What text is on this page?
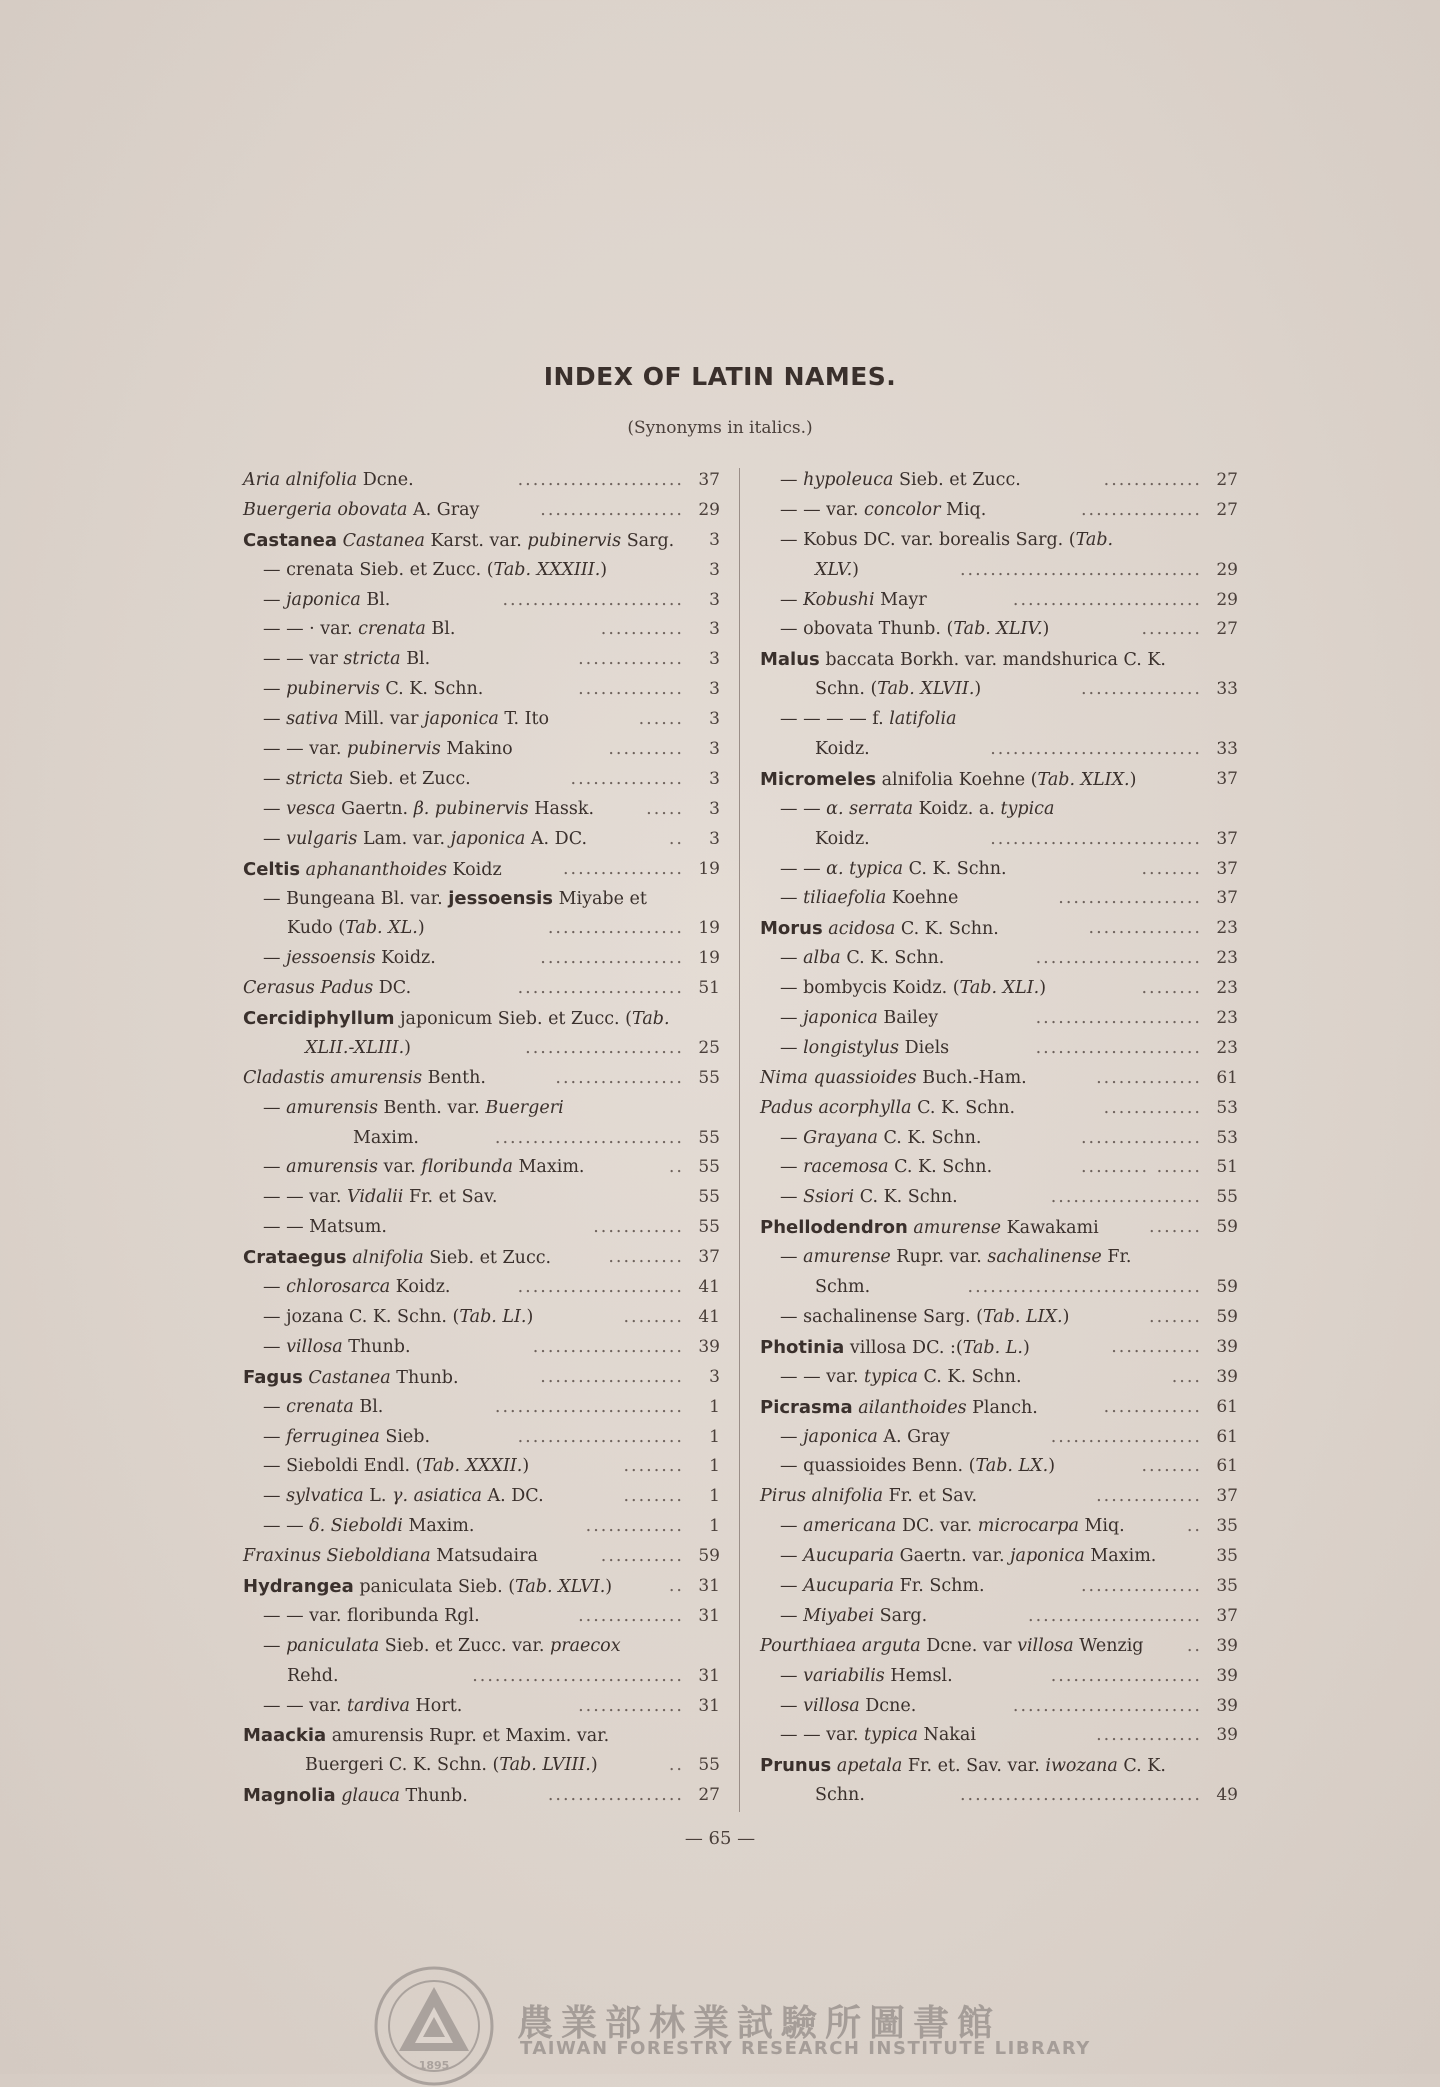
INDEX OF LATIN NAMES.
(Synonyms in italics.)
Aria alnifolia Dcne.	...................... 37
Buergeria obovata A. Gray	................... 29
Castanea Castanea Karst. var. pubinervis Sarg. 3
— crenata Sieb. et Zucc. (Tab. XXXIII.)	3
— japonica Bl.	........................ 3
— — · var. crenata Bl.	........... 3
— — var stricta Bl.	.............. 3
— pubinervis C. K. Schn.	.............. 3
— sativa Mill. var japonica T. Ito	...... 3
— — var. pubinervis Makino	.......... 3
— stricta Sieb. et Zucc.	............... 3
— vesca Gaertn. β. pubinervis Hassk.	..... 3
— vulgaris Lam. var. japonica A. DC.	.. 3
Celtis aphananthoides Koidz	................ 19
— Bungeana Bl. var. jessoensis Miyabe et
Kudo (Tab. XL.)	.................. 19
— jessoensis Koidz.	................... 19
Cerasus Padus DC.	...................... 51
Cercidiphyllum japonicum Sieb. et Zucc. (Tab.
XLII.-XLIII.)	..................... 25
Cladastis amurensis Benth.	................. 55
— amurensis Benth. var. Buergeri
Maxim.	......................... 55
— amurensis var. floribunda Maxim.	.. 55
— — var. Vidalii Fr. et Sav.	55
— — Matsum.	............ 55
Crataegus alnifolia Sieb. et Zucc.	.......... 37
— chlorosarca Koidz.	...................... 41
— jozana C. K. Schn. (Tab. LI.)	........ 41
— villosa Thunb.	.................... 39
Fagus Castanea Thunb.	................... 3
— crenata Bl.	......................... 1
— ferruginea Sieb.	...................... 1
— Sieboldi Endl. (Tab. XXXII.)	........ 1
— sylvatica L. γ. asiatica A. DC.	........ 1
— — δ. Sieboldi Maxim.	............. 1
Fraxinus Sieboldiana Matsudaira	........... 59
Hydrangea paniculata Sieb. (Tab. XLVI.)	.. 31
— — var. floribunda Rgl.	.............. 31
— paniculata Sieb. et Zucc. var. praecox
Rehd.	............................ 31
— — var. tardiva Hort.	.............. 31
Maackia amurensis Rupr. et Maxim. var.
Buergeri C. K. Schn. (Tab. LVIII.)	.. 55
Magnolia glauca Thunb.	.................. 27
— hypoleuca Sieb. et Zucc.	............. 27
— — var. concolor Miq.	................ 27
— Kobus DC. var. borealis Sarg. (Tab.
XLV.)	................................ 29
— Kobushi Mayr	......................... 29
— obovata Thunb. (Tab. XLIV.)	........ 27
Malus baccata Borkh. var. mandshurica C. K.
Schn. (Tab. XLVII.)	................ 33
— — — — f. latifolia
Koidz.	............................ 33
Micromeles alnifolia Koehne (Tab. XLIX.)	37
— — α. serrata Koidz. a. typica
Koidz.	............................ 37
— — α. typica C. K. Schn.	........ 37
— tiliaefolia Koehne	................... 37
Morus acidosa C. K. Schn.	............... 23
— alba C. K. Schn.	...................... 23
— bombycis Koidz. (Tab. XLI.)	........ 23
— japonica Bailey	...................... 23
— longistylus Diels	...................... 23
Nima quassioides Buch.-Ham.	.............. 61
Padus acorphylla C. K. Schn.	............. 53
— Grayana C. K. Schn.	................ 53
— racemosa C. K. Schn.	......... ...... 51
— Ssiori C. K. Schn.	.................... 55
Phellodendron amurense Kawakami	....... 59
— amurense Rupr. var. sachalinense Fr.
Schm.	............................... 59
— sachalinense Sarg. (Tab. LIX.)	....... 59
Photinia villosa DC. :(Tab. L.)	............ 39
— — var. typica C. K. Schn.	.... 39
Picrasma ailanthoides Planch.	............. 61
— japonica A. Gray	.................... 61
— quassioides Benn. (Tab. LX.)	........ 61
Pirus alnifolia Fr. et Sav.	.............. 37
— americana DC. var. microcarpa Miq.	.. 35
— Aucuparia Gaertn. var. japonica Maxim.	35
— Aucuparia Fr. Schm.	................ 35
— Miyabei Sarg.	....................... 37
Pourthiaea arguta Dcne. var villosa Wenzig	.. 39
— variabilis Hemsl.	.................... 39
— villosa Dcne.	......................... 39
— — var. typica Nakai	.............. 39
Prunus apetala Fr. et. Sav. var. iwozana C. K.
Schn.	................................ 49
— 65 —
1895
農業部林業試驗所圖書館
TAIWAN FORESTRY RESEARCH INSTITUTE LIBRARY
